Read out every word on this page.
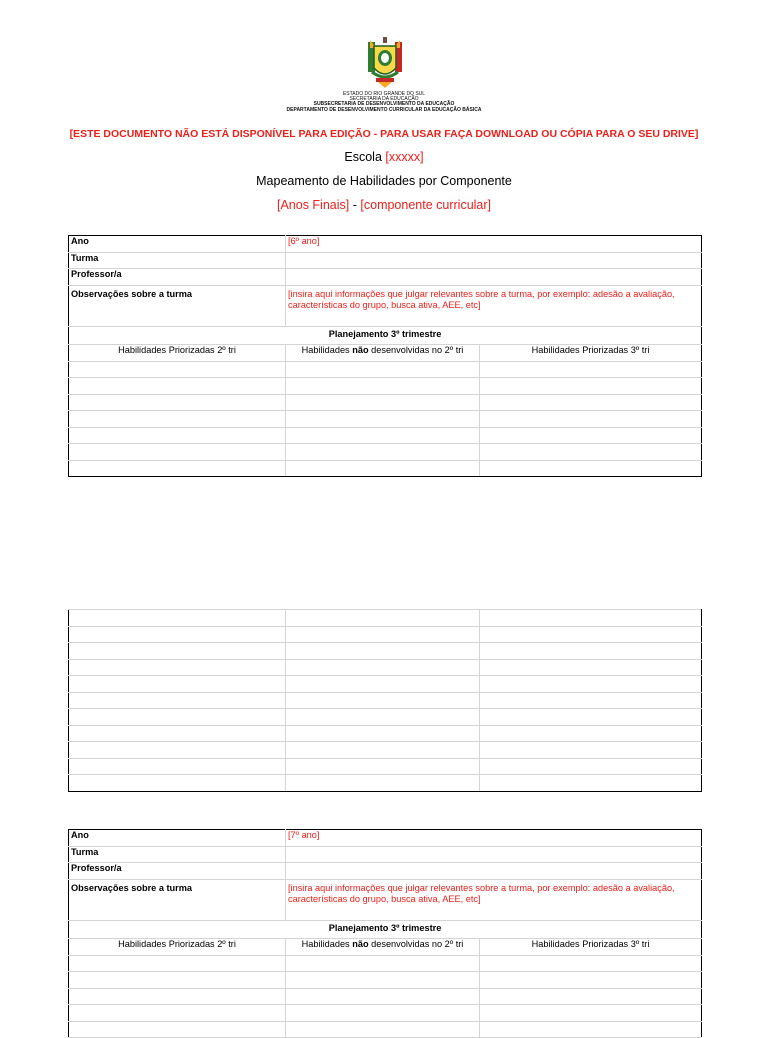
ESTADO DO RIO GRANDE DO SUL
SECRETARIA DA EDUCAÇÃO
SUBSECRETARIA DE DESENVOLVIMENTO DA EDUCAÇÃO
DEPARTAMENTO DE DESENVOLVIMENTO CURRICULAR DA EDUCAÇÃO BÁSICA
[ESTE DOCUMENTO NÃO ESTÁ DISPONÍVEL PARA EDIÇÃO - PARA USAR FAÇA DOWNLOAD OU CÓPIA PARA O SEU DRIVE]
Escola [xxxxx]
Mapeamento de Habilidades por Componente
[Anos Finais] - [componente curricular]
Ano	[6º ano]	
Turma		
Professor/a		
Observações sobre a turma	[insira aqui informações que julgar relevantes sobre a turma, por exemplo: adesão a avaliação, características do grupo, busca ativa, AEE, etc]	
Planejamento 3º trimestre		
Habilidades Priorizadas 2º tri	Habilidades não desenvolvidas no 2º tri	Habilidades Priorizadas 3º tri

Ano	[7º ano]	
Turma		
Professor/a		
Observações sobre a turma	[insira aqui informações que julgar relevantes sobre a turma, por exemplo: adesão a avaliação, características do grupo, busca ativa, AEE, etc]	
Planejamento 3º trimestre		
Habilidades Priorizadas 2º tri	Habilidades não desenvolvidas no 2º tri	Habilidades Priorizadas 3º tri
